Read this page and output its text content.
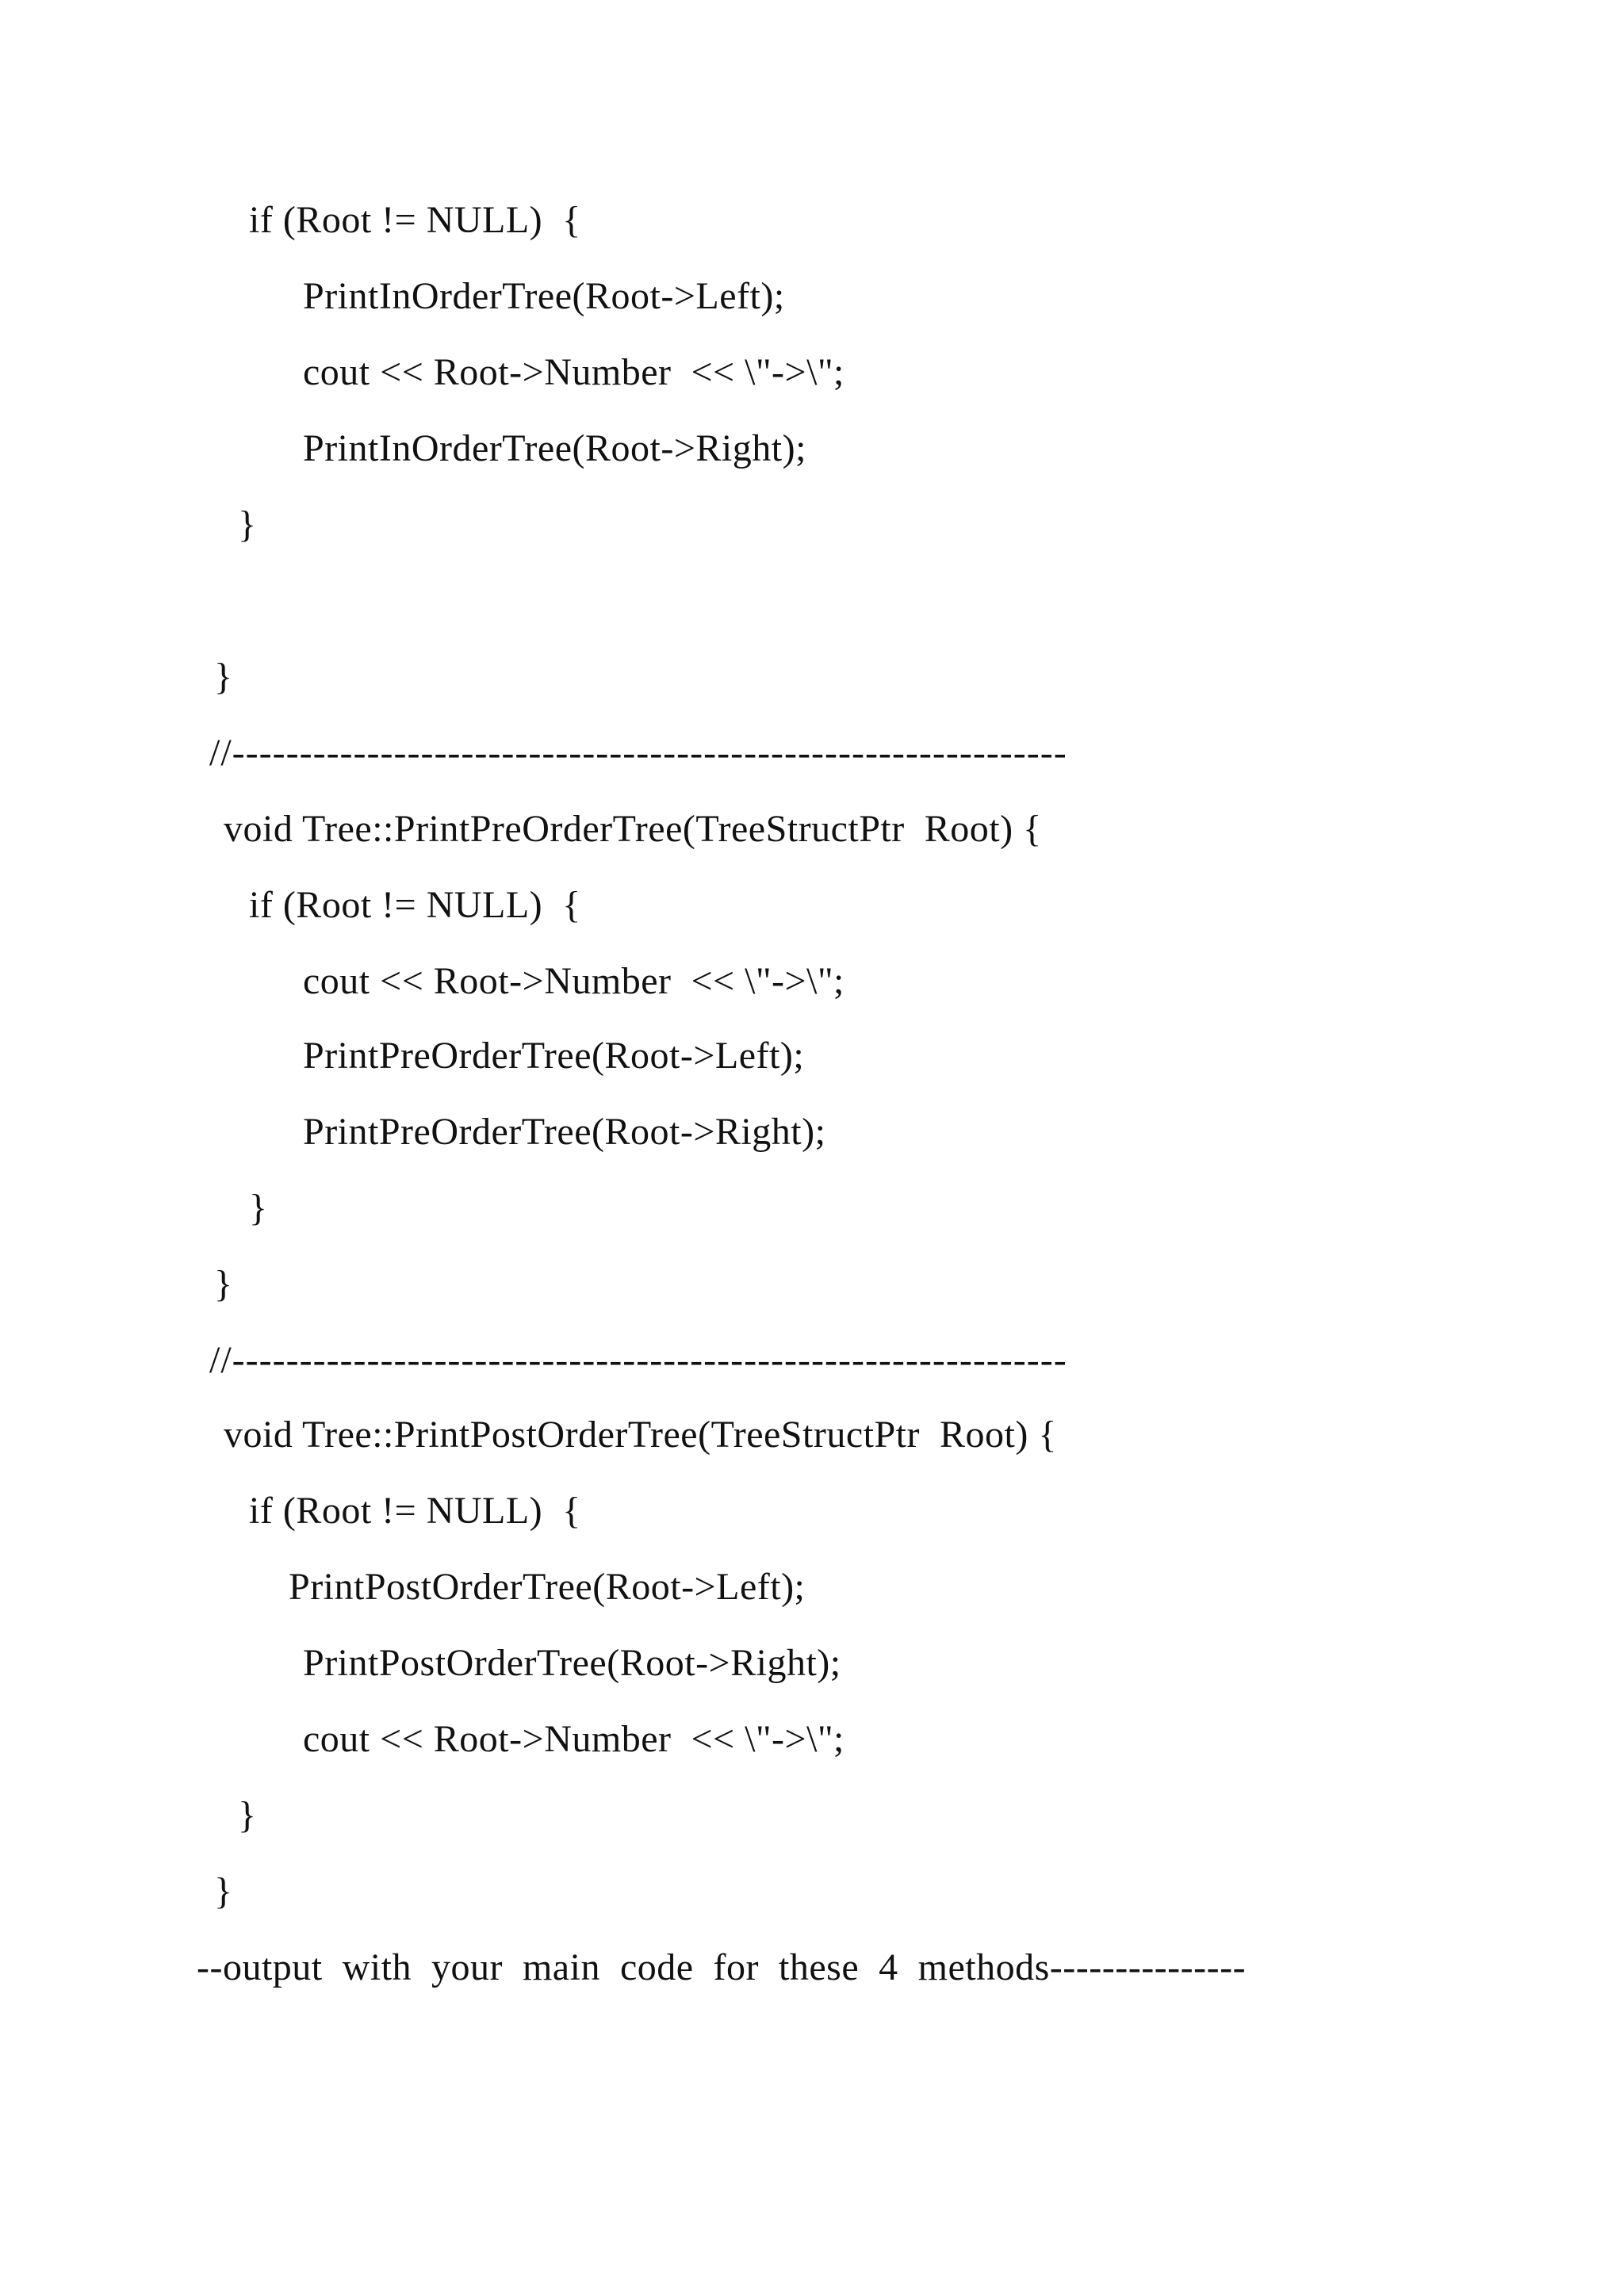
if (Root != NULL)  {
PrintInOrderTree(Root->Left);
cout << Root->Number  << \"->\";
PrintInOrderTree(Root->Right);
}
}
//--------------------------------------------------------------
void Tree::PrintPreOrderTree(TreeStructPtr  Root) {
if (Root != NULL)  {
cout << Root->Number  << \"->\";
PrintPreOrderTree(Root->Left);
PrintPreOrderTree(Root->Right);
}
}
//--------------------------------------------------------------
void Tree::PrintPostOrderTree(TreeStructPtr  Root) {
if (Root != NULL)  {
PrintPostOrderTree(Root->Left);
PrintPostOrderTree(Root->Right);
cout << Root->Number  << \"->\";
}
}
--output  with  your  main  code  for  these  4  methods---------------
